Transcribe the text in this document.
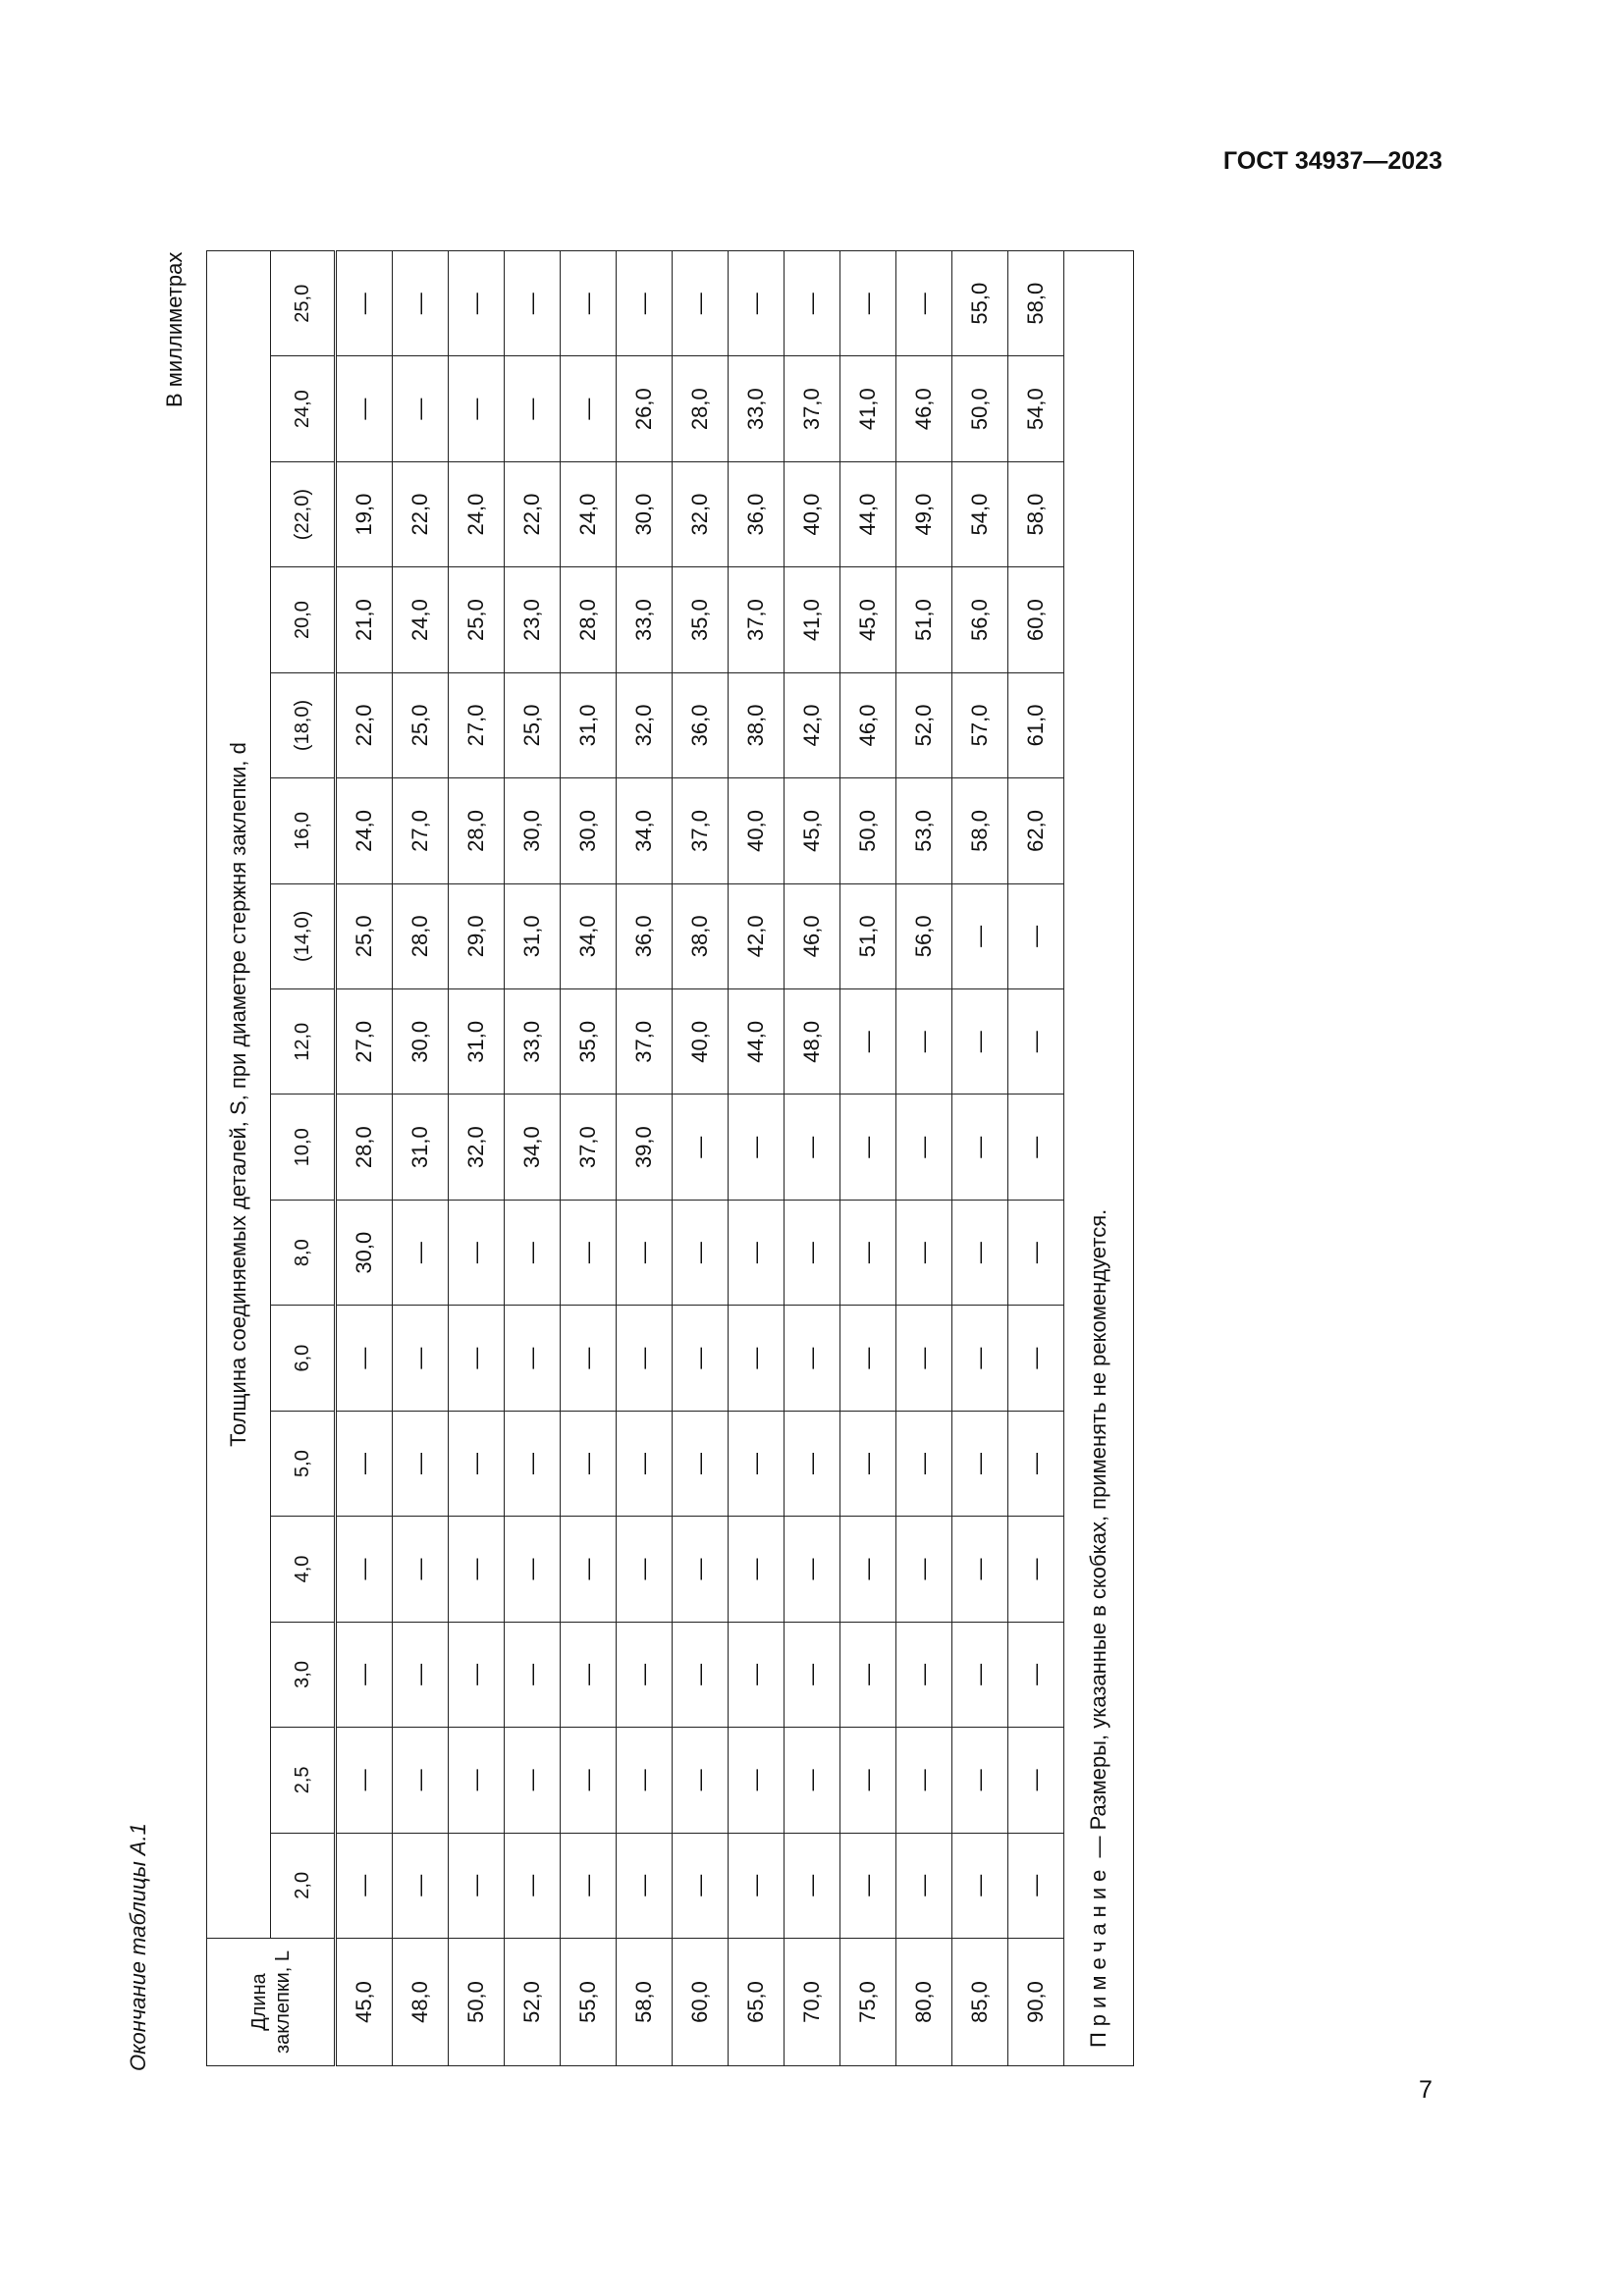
ГОСТ 34937—2023
7
Окончание таблицы А.1
В миллиметрах
Длина заклепки, L	Толщина соединяемых деталей, S, при диаметре стержня заклепки, d															
	2,0	2,5	3,0	4,0	5,0	6,0	8,0	10,0	12,0	(14,0)	16,0	(18,0)	20,0	(22,0)	24,0	25,0
45,0	—	—	—	—	—	—	30,0	28,0	27,0	25,0	24,0	22,0	21,0	19,0	—	—
48,0	—	—	—	—	—	—	—	31,0	30,0	28,0	27,0	25,0	24,0	22,0	—	—
50,0	—	—	—	—	—	—	—	32,0	31,0	29,0	28,0	27,0	25,0	24,0	—	—
52,0	—	—	—	—	—	—	—	34,0	33,0	31,0	30,0	25,0	23,0	22,0	—	—
55,0	—	—	—	—	—	—	—	37,0	35,0	34,0	30,0	31,0	28,0	24,0	—	—
58,0	—	—	—	—	—	—	—	39,0	37,0	36,0	34,0	32,0	33,0	30,0	26,0	—
60,0	—	—	—	—	—	—	—	—	40,0	38,0	37,0	36,0	35,0	32,0	28,0	—
65,0	—	—	—	—	—	—	—	—	44,0	42,0	40,0	38,0	37,0	36,0	33,0	—
70,0	—	—	—	—	—	—	—	—	48,0	46,0	45,0	42,0	41,0	40,0	37,0	—
75,0	—	—	—	—	—	—	—	—	—	51,0	50,0	46,0	45,0	44,0	41,0	—
80,0	—	—	—	—	—	—	—	—	—	56,0	53,0	52,0	51,0	49,0	46,0	—
85,0	—	—	—	—	—	—	—	—	—	—	58,0	57,0	56,0	54,0	50,0	55,0
90,0	—	—	—	—	—	—	—	—	—	—	62,0	61,0	60,0	58,0	54,0	58,0
Примечание — Размеры, указанные в скобках, применять не рекомендуется.																
